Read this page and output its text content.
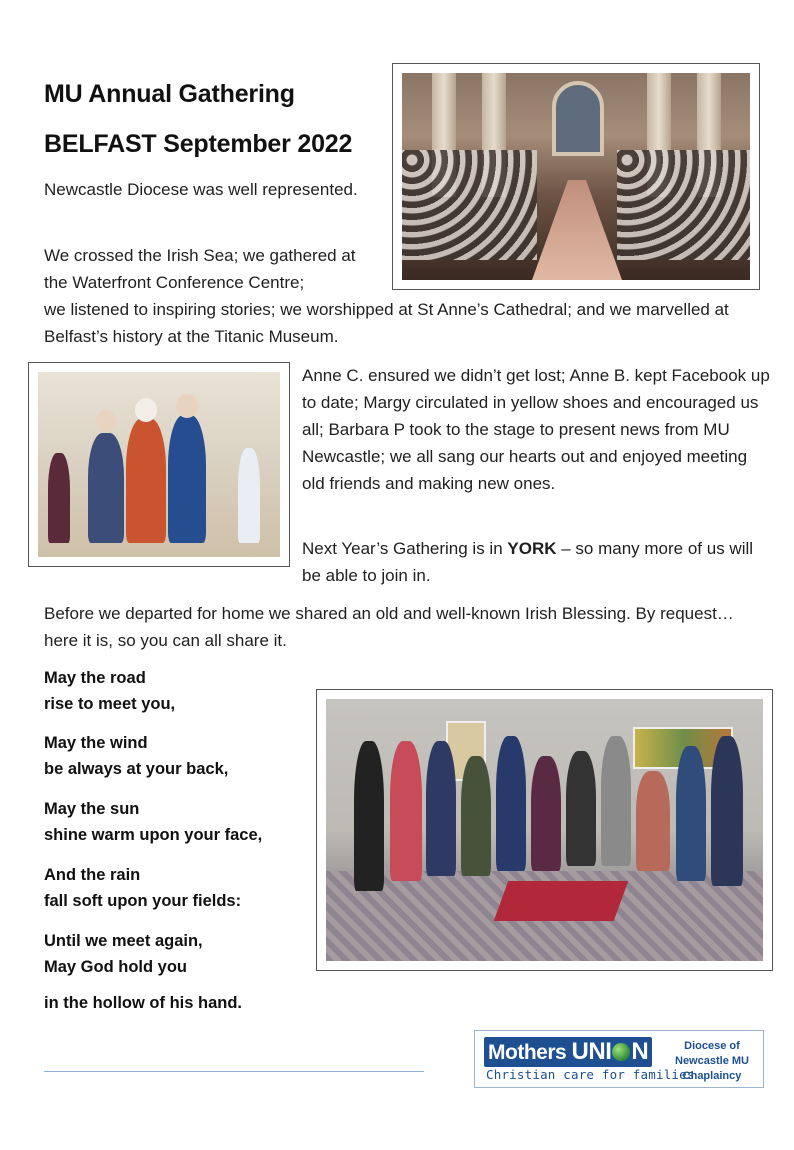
MU Annual Gathering
BELFAST September 2022
Newcastle Diocese was well represented.
We crossed the Irish Sea; we gathered at the Waterfront Conference Centre;
we listened to inspiring stories; we worshipped at St Anne’s Cathedral; and we marvelled at Belfast’s history at the Titanic Museum.
Anne C. ensured we didn’t get lost; Anne B. kept Facebook up to date; Margy circulated in yellow shoes and encouraged us all; Barbara P took to the stage to present news from MU Newcastle; we all sang our hearts out and enjoyed meeting old friends and making new ones.
Next Year’s Gathering is in YORK – so many more of us will be able to join in.
Before we departed for home we shared an old and well-known Irish Blessing. By request…here it is, so you can all share it.
May the road
rise to meet you,
May the wind
be always at your back,
May the sun
shine warm upon your face,
And the rain
fall soft upon your fields:
Until we meet again,
May God hold you
in the hollow of his hand.
Mothers UNI N
Christian care for families
Diocese of
Newcastle MU
Chaplaincy
